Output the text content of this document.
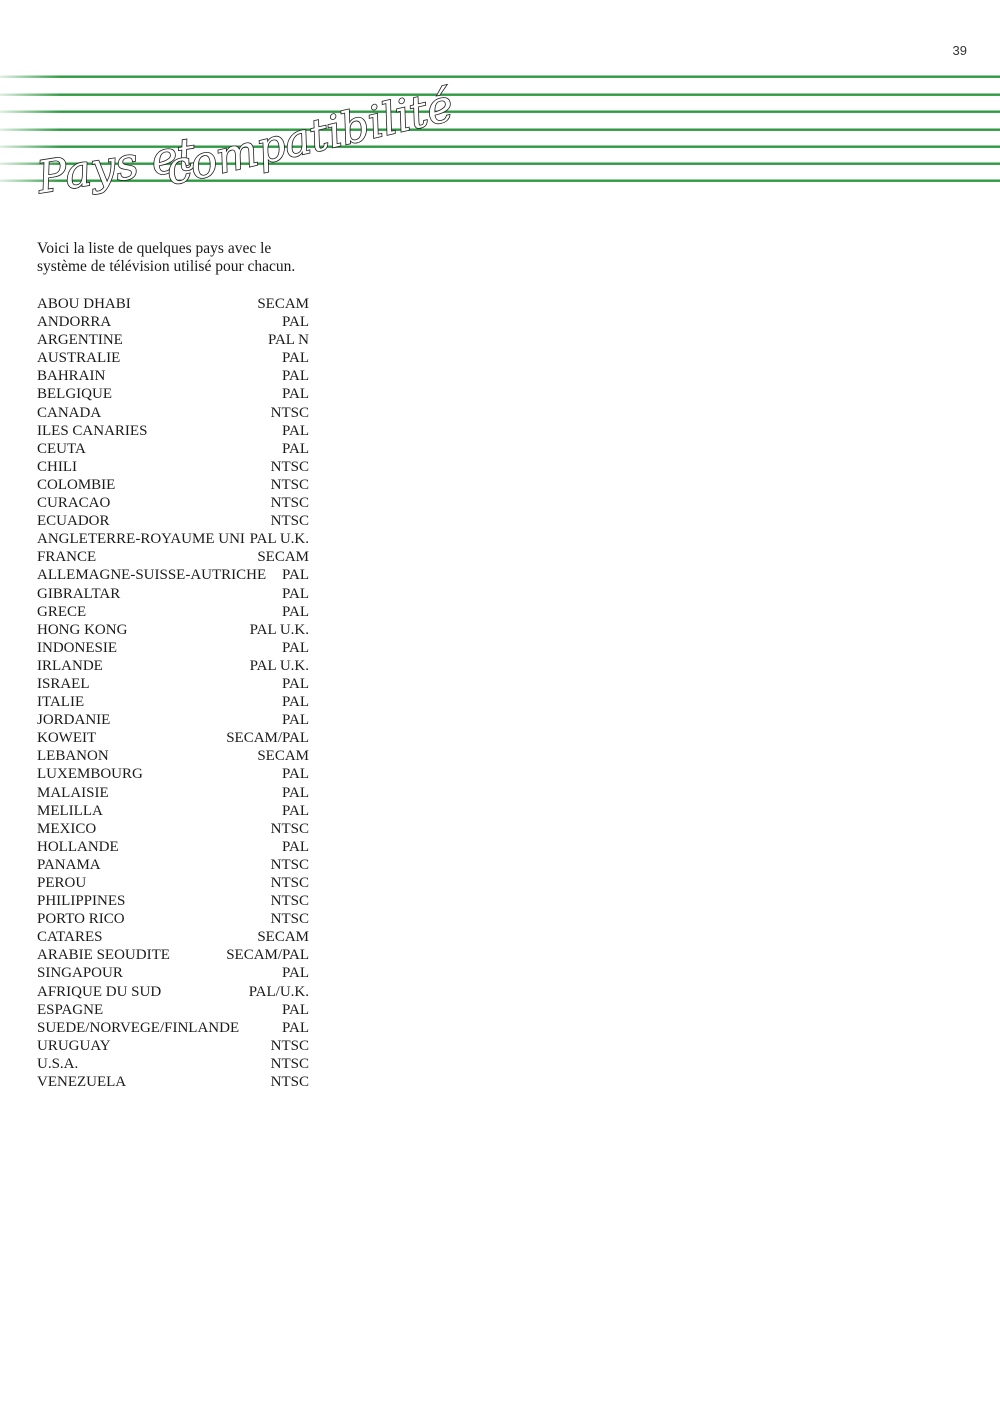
39
Pays et
compatibilité

Voici la liste de quelques pays avec le système de télévision utilisé pour chacun.

ABOU DHABI	SECAM
ANDORRA	PAL
ARGENTINE	PAL N
AUSTRALIE	PAL
BAHRAIN	PAL
BELGIQUE	PAL
CANADA	NTSC
ILES CANARIES	PAL
CEUTA	PAL
CHILI	NTSC
COLOMBIE	NTSC
CURACAO	NTSC
ECUADOR	NTSC
ANGLETERRE-ROYAUME UNI PAL U.K.
FRANCE	SECAM
ALLEMAGNE-SUISSE-AUTRICHE PAL
GIBRALTAR	PAL
GRECE	PAL
HONG KONG	PAL U.K.
INDONESIE	PAL
IRLANDE	PAL U.K.
ISRAEL	PAL
ITALIE	PAL
JORDANIE	PAL
KOWEIT	SECAM/PAL
LEBANON	SECAM
LUXEMBOURG	PAL
MALAISIE	PAL
MELILLA	PAL
MEXICO	NTSC
HOLLANDE	PAL
PANAMA	NTSC
PEROU	NTSC
PHILIPPINES	NTSC
PORTO RICO	NTSC
CATARES	SECAM
ARABIE SEOUDITE	SECAM/PAL
SINGAPOUR	PAL
AFRIQUE DU SUD	PAL/U.K.
ESPAGNE	PAL
SUEDE/NORVEGE/FINLANDE	PAL
URUGUAY	NTSC
U.S.A.	NTSC
VENEZUELA	NTSC
